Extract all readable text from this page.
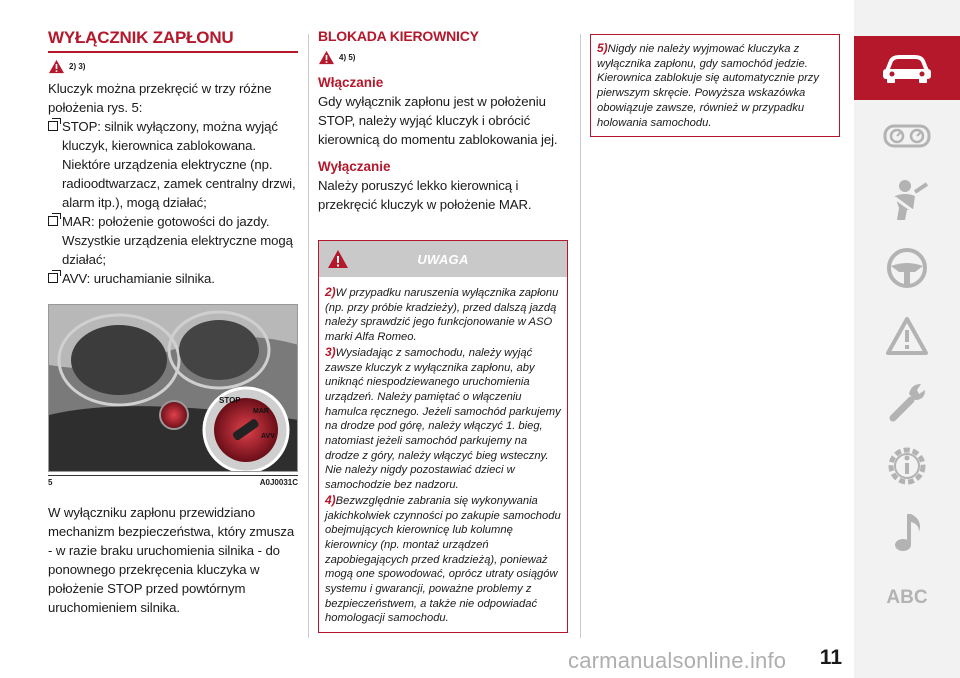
WYŁĄCZNIK ZAPŁONU
2) 3)

Kluczyk można przekręcić w trzy różne położenia rys. 5:

STOP: silnik wyłączony, można wyjąć kluczyk, kierownica zablokowana. Niektóre urządzenia elektryczne (np. radioodtwarzacz, zamek centralny drzwi, alarm itp.), mogą działać;
MAR: położenie gotowości do jazdy. Wszystkie urządzenia elektryczne mogą działać;
AVV: uruchamianie silnika.
STOP
MAR
AVV
5	A0J0031C

W wyłączniku zapłonu przewidziano mechanizm bezpieczeństwa, który zmusza - w razie braku uruchomienia silnika - do ponownego przekręcenia kluczyka w położenie STOP przed powtórnym uruchomieniem silnika.

BLOKADA KIEROWNICY
4) 5)
Włączanie

Gdy wyłącznik zapłonu jest w położeniu STOP, należy wyjąć kluczyk i obrócić kierownicą do momentu zablokowania jej.

Wyłączanie

Należy poruszyć lekko kierownicą i przekręcić kluczyk w położenie MAR.

UWAGA

2)W przypadku naruszenia wyłącznika zapłonu (np. przy próbie kradzieży), przed dalszą jazdą należy sprawdzić jego funkcjonowanie w ASO marki Alfa Romeo.

3)Wysiadając z samochodu, należy wyjąć zawsze kluczyk z wyłącznika zapłonu, aby uniknąć niespodziewanego uruchomienia urządzeń. Należy pamiętać o włączeniu hamulca ręcznego. Jeżeli samochód parkujemy na drodze pod górę, należy włączyć 1. bieg, natomiast jeżeli samochód parkujemy na drodze z góry, należy włączyć bieg wsteczny. Nie należy nigdy pozostawiać dzieci w samochodzie bez nadzoru.

4)Bezwzględnie zabrania się wykonywania jakichkolwiek czynności po zakupie samochodu obejmujących kierownicę lub kolumnę kierownicy (np. montaż urządzeń zapobiegających przed kradzieżą), ponieważ mogą one spowodować, oprócz utraty osiągów systemu i gwarancji, poważne problemy z bezpieczeństwem, a także nie odpowiadać homologacji samochodu.

5)Nigdy nie należy wyjmować kluczyka z wyłącznika zapłonu, gdy samochód jedzie. Kierownica zablokuje się automatycznie przy pierwszym skręcie. Powyższa wskazówka obowiązuje zawsze, również w przypadku holowania samochodu.
ABC
11
carmanualsonline.info
